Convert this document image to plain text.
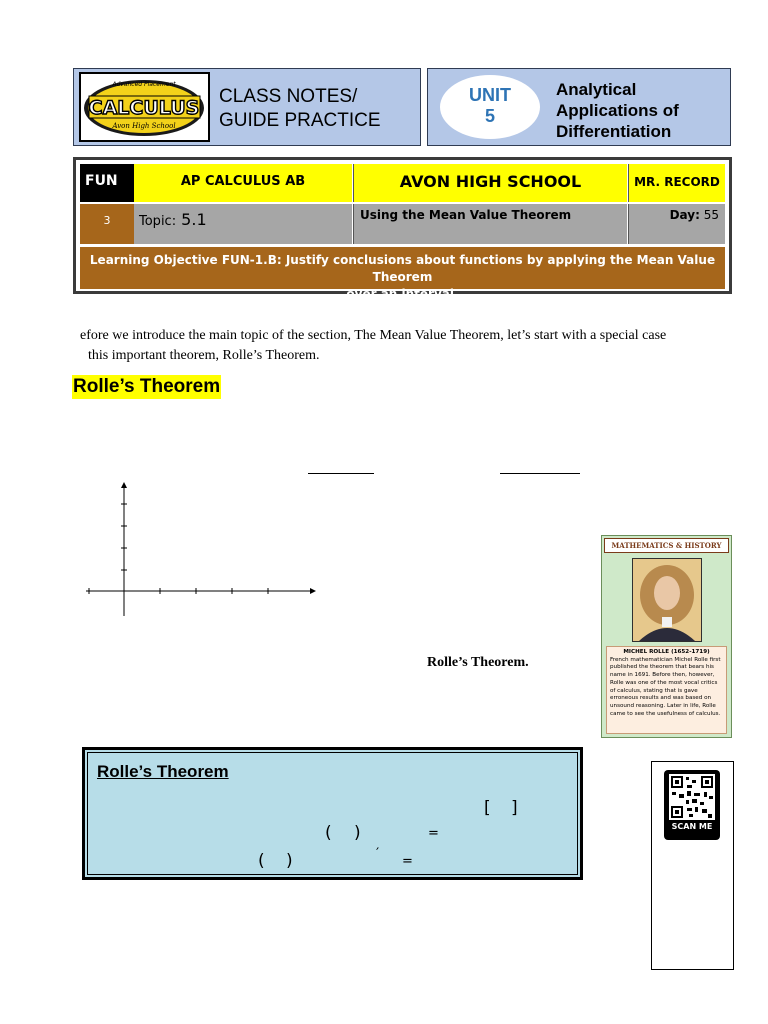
Advanced Placement
CALCULUS
Avon High School
CLASS NOTES/
GUIDE PRACTICE
UNIT
5
Analytical
Applications of
Differentiation
FUN	AP CALCULUS AB	AVON HIGH SCHOOL	MR. RECORD
3	Topic: 5.1	Using the Mean Value Theorem	Day: 55
Learning Objective FUN-1.B: Justify conclusions about functions by applying the Mean Value Theorem
over an interval.
efore we introduce the main topic of the section, The Mean Value Theorem, let’s start with a special case
this important theorem, Rolle’s Theorem.
Rolle’s Theorem
Rolle’s Theorem.
MATHEMATICS & HISTORY
MICHEL ROLLE (1652-1719)
French mathematician Michel Rolle first published the theorem that bears his name in 1691. Before then, however, Rolle was one of the most vocal critics of calculus, stating that is gave erroneous results and was based on unsound reasoning. Later in life, Rolle came to see the usefulness of calculus.
Rolle’s Theorem
[ ]
( )	=
( )	′ =
SCAN ME
